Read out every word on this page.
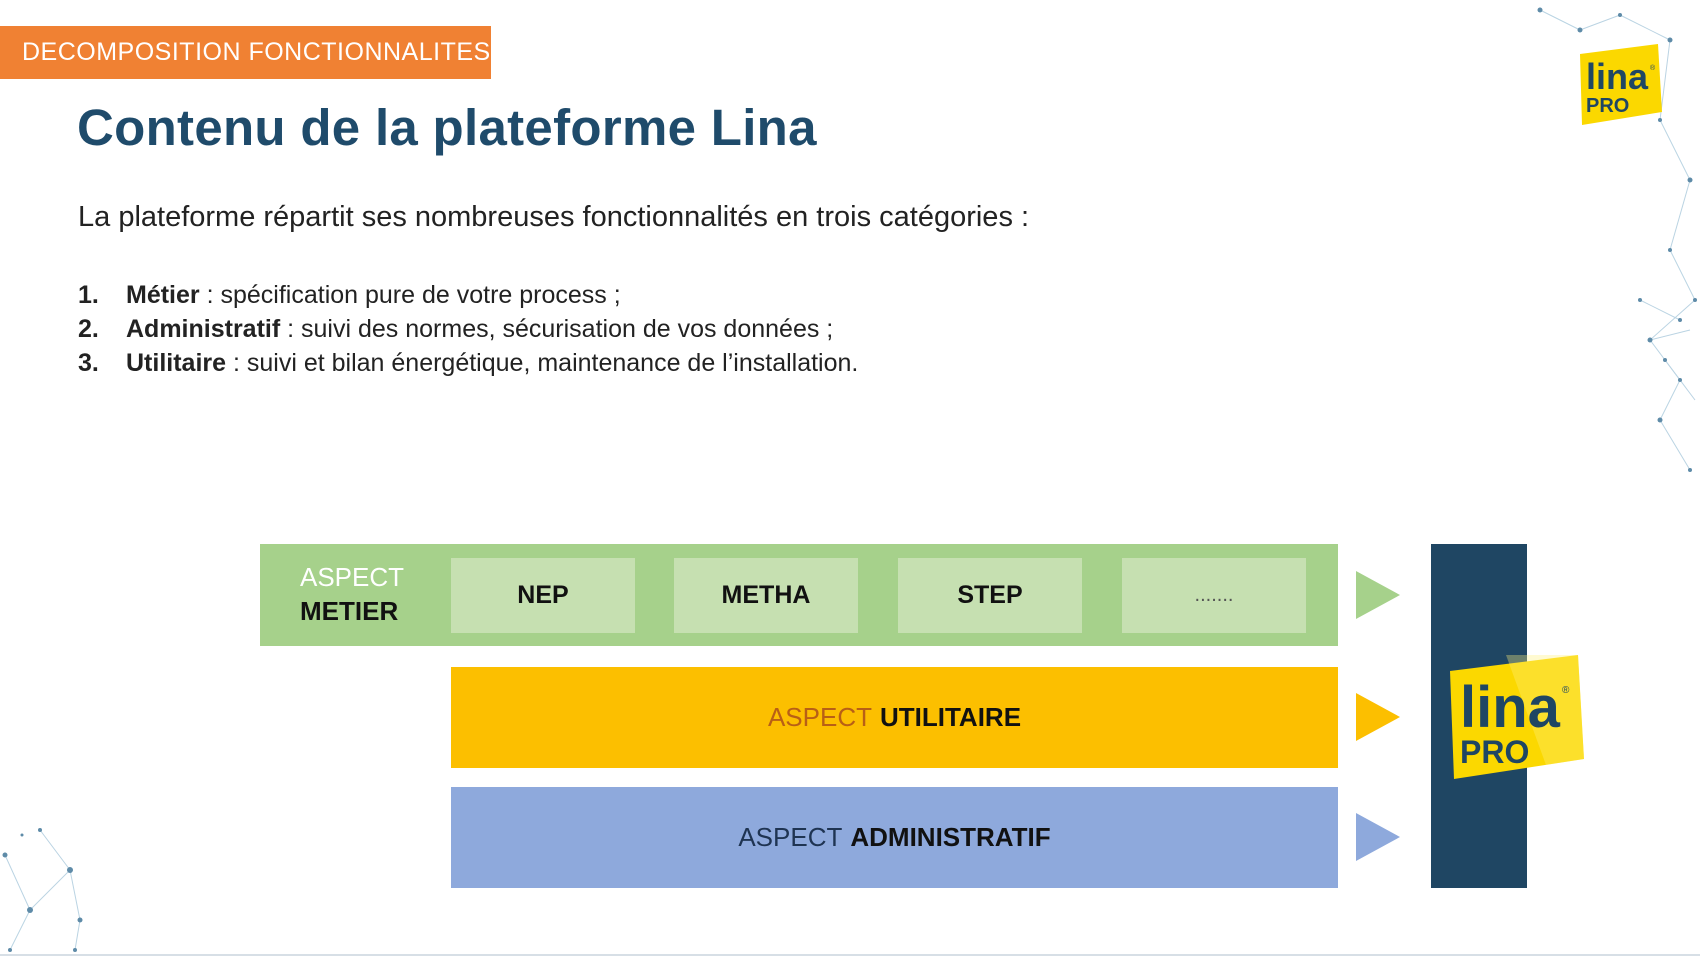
DECOMPOSITION FONCTIONNALITES
Contenu de la plateforme Lina
La plateforme répartit ses nombreuses fonctionnalités en trois catégories :
1. Métier : spécification pure de votre process ;
2. Administratif : suivi des normes, sécurisation de vos données ;
3. Utilitaire : suivi et bilan énergétique, maintenance de l’installation.
ASPECT
METIER
NEP	METHA	STEP	.......
ASPECT UTILITAIRE
ASPECT ADMINISTRATIF
lina
PRO
®
lina
PRO
®
